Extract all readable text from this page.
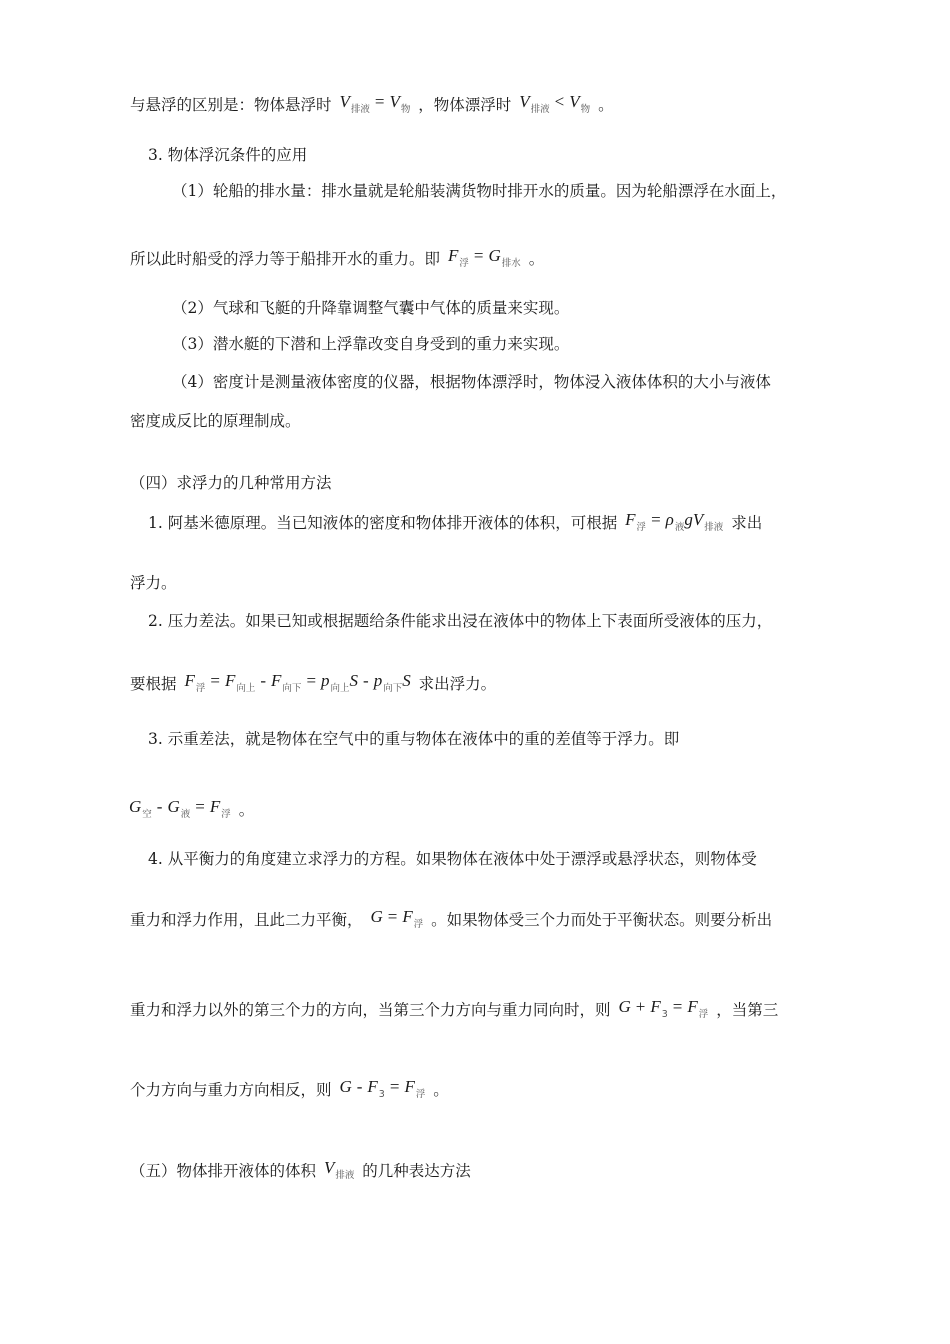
与悬浮的区别是：物体悬浮时 $V_{排液} = V_物$ ，物体漂浮时 $V_{排液} < V_物$ 。
3. 物体浮沉条件的应用
（1）轮船的排水量：排水量就是轮船装满货物时排开水的质量。因为轮船漂浮在水面上，
所以此时船受的浮力等于船排开水的重力。即 $F_浮 = G_{排水}$ 。
（2）气球和飞艇的升降靠调整气囊中气体的质量来实现。
（3）潜水艇的下潜和上浮靠改变自身受到的重力来实现。
（4）密度计是测量液体密度的仪器，根据物体漂浮时，物体浸入液体体积的大小与液体
密度成反比的原理制成。
（四）求浮力的几种常用方法
1. 阿基米德原理。当已知液体的密度和物体排开液体的体积，可根据 $F_浮 = \rho_液gV_{排液}$ 求出
浮力。
2. 压力差法。如果已知或根据题给条件能求出浸在液体中的物体上下表面所受液体的压力，
要根据 $F_浮 = F_{向上} - F_{向下} = p_{向上}S - p_{向下}S$ 求出浮力。
3. 示重差法，就是物体在空气中的重与物体在液体中的重的差值等于浮力。即
$G_空 - G_液 = F_浮$ 。
4. 从平衡力的角度建立求浮力的方程。如果物体在液体中处于漂浮或悬浮状态，则物体受
重力和浮力作用，且此二力平衡， $G = F_浮$ 。如果物体受三个力而处于平衡状态。则要分析出
重力和浮力以外的第三个力的方向，当第三个力方向与重力同向时，则 $G + F_3 = F_浮$ ，当第三
个力方向与重力方向相反，则 $G - F_3 = F_浮$ 。
（五）物体排开液体的体积 $V_{排液}$ 的几种表达方法
